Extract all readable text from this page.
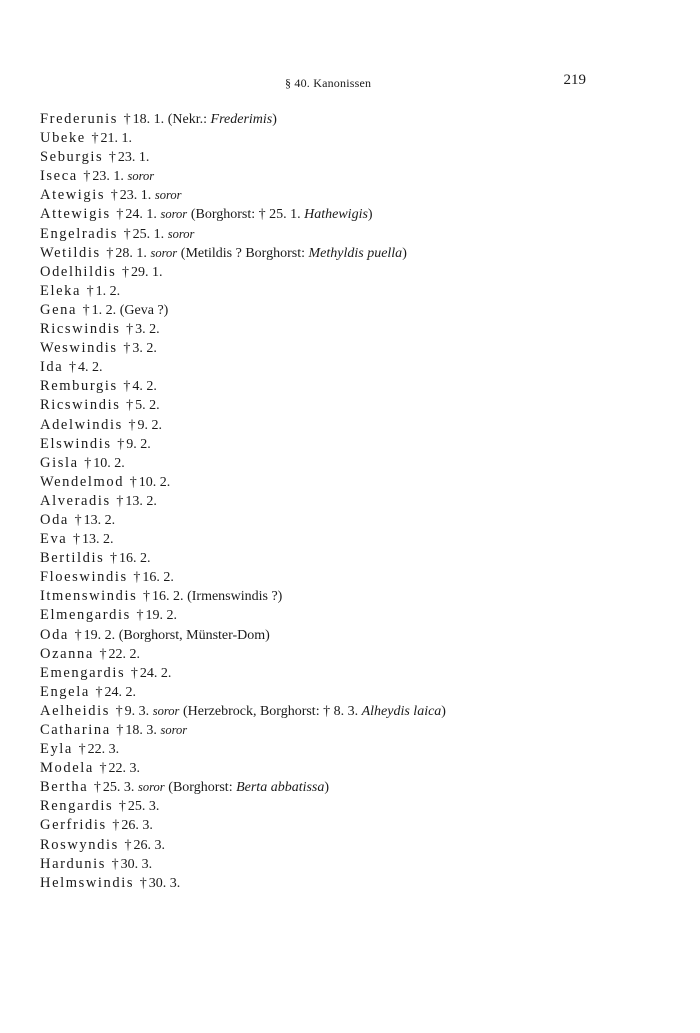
§ 40. Kanonissen	219
Frederunis † 18. 1. (Nekr.: Frederimis)
Ubeke † 21. 1.
Seburgis † 23. 1.
Iseca † 23. 1. soror
Atewigis † 23. 1. soror
Attewigis † 24. 1. soror (Borghorst: † 25. 1. Hathewigis)
Engelradis † 25. 1. soror
Wetildis † 28. 1. soror (Metildis ? Borghorst: Methyldis puella)
Odelhildis † 29. 1.
Eleka † 1. 2.
Gena † 1. 2. (Geva ?)
Ricswindis † 3. 2.
Weswindis † 3. 2.
Ida † 4. 2.
Remburgis † 4. 2.
Ricswindis † 5. 2.
Adelwindis † 9. 2.
Elswindis † 9. 2.
Gisla † 10. 2.
Wendelmod † 10. 2.
Alveradis † 13. 2.
Oda † 13. 2.
Eva † 13. 2.
Bertildis † 16. 2.
Floeswindis † 16. 2.
Itmenswindis † 16. 2. (Irmenswindis ?)
Elmengardis † 19. 2.
Oda † 19. 2. (Borghorst, Münster-Dom)
Ozanna † 22. 2.
Emengardis † 24. 2.
Engela † 24. 2.
Aelheidis † 9. 3. soror (Herzebrock, Borghorst: † 8. 3. Alheydis laica)
Catharina † 18. 3. soror
Eyla † 22. 3.
Modela † 22. 3.
Bertha † 25. 3. soror (Borghorst: Berta abbatissa)
Rengardis † 25. 3.
Gerfridis † 26. 3.
Roswyndis † 26. 3.
Hardunis † 30. 3.
Helmswindis † 30. 3.
